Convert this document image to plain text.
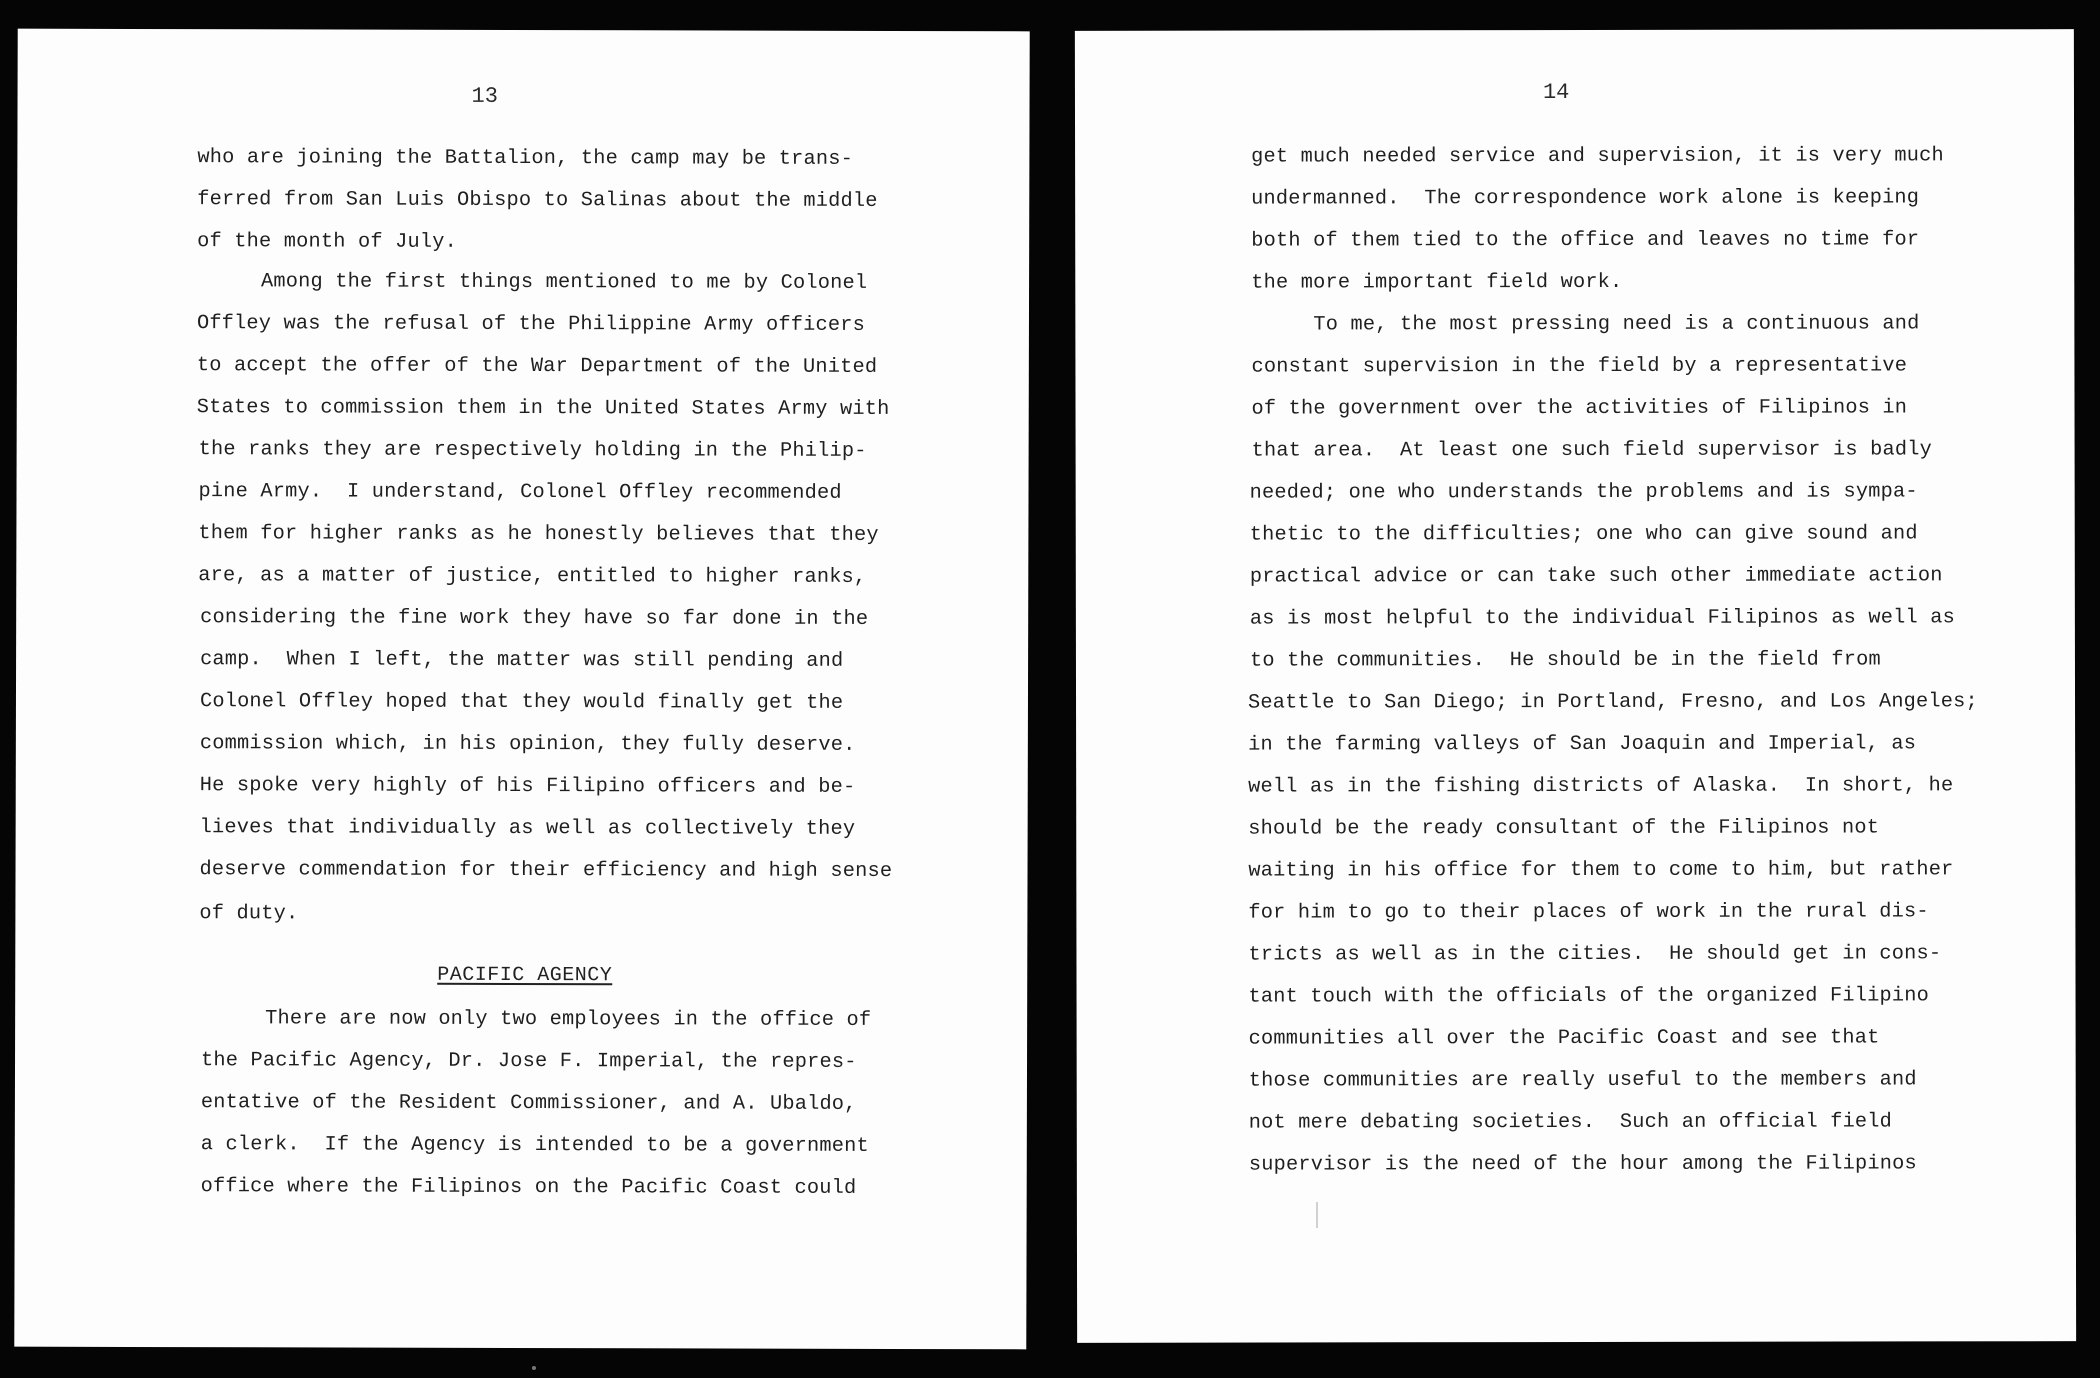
13
who are joining the Battalion, the camp may be trans-
ferred from San Luis Obispo to Salinas about the middle
of the month of July.
Among the first things mentioned to me by Colonel
Offley was the refusal of the Philippine Army officers
to accept the offer of the War Department of the United
States to commission them in the United States Army with
the ranks they are respectively holding in the Philip-
pine Army.  I understand, Colonel Offley recommended
them for higher ranks as he honestly believes that they
are, as a matter of justice, entitled to higher ranks,
considering the fine work they have so far done in the
camp.  When I left, the matter was still pending and
Colonel Offley hoped that they would finally get the
commission which, in his opinion, they fully deserve.
He spoke very highly of his Filipino officers and be-
lieves that individually as well as collectively they
deserve commendation for their efficiency and high sense
of duty.
PACIFIC AGENCY
There are now only two employees in the office of
the Pacific Agency, Dr. Jose F. Imperial, the repres-
entative of the Resident Commissioner, and A. Ubaldo,
a clerk.  If the Agency is intended to be a government
office where the Filipinos on the Pacific Coast could
14
get much needed service and supervision, it is very much
undermanned.  The correspondence work alone is keeping
both of them tied to the office and leaves no time for
the more important field work.
To me, the most pressing need is a continuous and
constant supervision in the field by a representative
of the government over the activities of Filipinos in
that area.  At least one such field supervisor is badly
needed; one who understands the problems and is sympa-
thetic to the difficulties; one who can give sound and
practical advice or can take such other immediate action
as is most helpful to the individual Filipinos as well as
to the communities.  He should be in the field from
Seattle to San Diego; in Portland, Fresno, and Los Angeles;
in the farming valleys of San Joaquin and Imperial, as
well as in the fishing districts of Alaska.  In short, he
should be the ready consultant of the Filipinos not
waiting in his office for them to come to him, but rather
for him to go to their places of work in the rural dis-
tricts as well as in the cities.  He should get in cons-
tant touch with the officials of the organized Filipino
communities all over the Pacific Coast and see that
those communities are really useful to the members and
not mere debating societies.  Such an official field
supervisor is the need of the hour among the Filipinos
